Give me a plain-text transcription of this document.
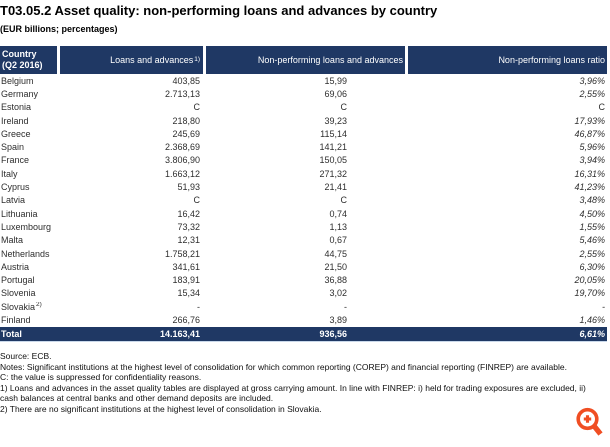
T03.05.2 Asset quality: non-performing loans and advances by country
(EUR billions; percentages)
Country
(Q2 2016)	Loans and advances 1)	Non-performing loans and advances	Non-performing loans ratio
Belgium	403,85	15,99	3,96%
Germany	2.713,13	69,06	2,55%
Estonia	C	C	C
Ireland	218,80	39,23	17,93%
Greece	245,69	115,14	46,87%
Spain	2.368,69	141,21	5,96%
France	3.806,90	150,05	3,94%
Italy	1.663,12	271,32	16,31%
Cyprus	51,93	21,41	41,23%
Latvia	C	C	3,48%
Lithuania	16,42	0,74	4,50%
Luxembourg	73,32	1,13	1,55%
Malta	12,31	0,67	5,46%
Netherlands	1.758,21	44,75	2,55%
Austria	341,61	21,50	6,30%
Portugal	183,91	36,88	20,05%
Slovenia	15,34	3,02	19,70%
Slovakia$^{2)}$	-	-	-
Finland	266,76	3,89	1,46%
Total	14.163,41	936,56	6,61%

Source: ECB.

Notes: Significant institutions at the highest level of consolidation for which common reporting (COREP) and financial reporting (FINREP) are available.

C: the value is suppressed for confidentiality reasons.

1) Loans and advances in the asset quality tables are displayed at gross carrying amount. In line with FINREP: i) held for trading exposures are excluded, ii) cash balances at central banks and other demand deposits are included.

2) There are no significant institutions at the highest level of consolidation in Slovakia.
